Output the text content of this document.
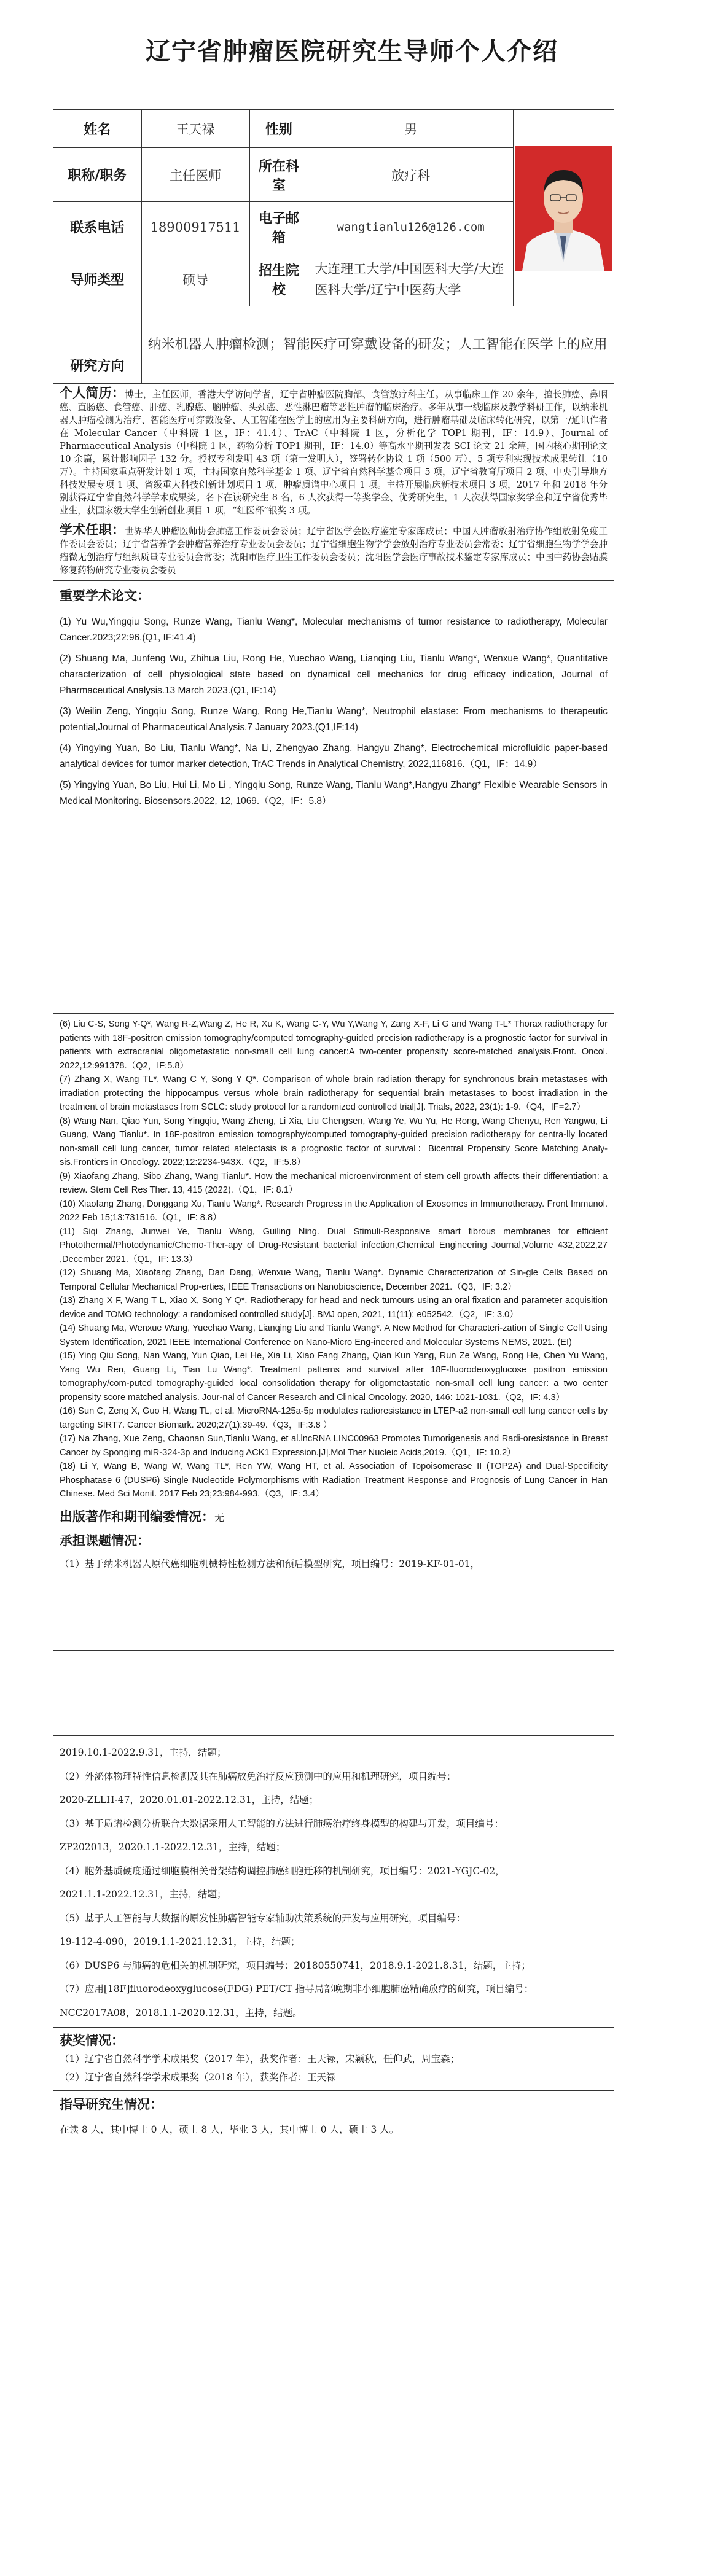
辽宁省肿瘤医院研究生导师个人介绍
姓名	王天禄	性别	男	

职称/职务	主任医师	所在科室	放疗科	
联系电话	18900917511	电子邮箱	wangtianlu126@126.com	
导师类型	硕导	招生院校	大连理工大学/中国医科大学/大连医科大学/辽宁中医药大学	
研究方向	纳米机器人肿瘤检测；智能医疗可穿戴设备的研发；人工智能在医学上的应用			
个人简历：博士，主任医师，香港大学访问学者，辽宁省肿瘤医院胸部、食管放疗科主任。从事临床工作 20 余年，擅长肺癌、鼻咽癌、直肠癌、食管癌、肝癌、乳腺癌、脑肿瘤、头颈癌、恶性淋巴瘤等恶性肿瘤的临床治疗。多年从事一线临床及教学科研工作，以纳米机器人肿瘤检测为治疗、智能医疗可穿戴设备、人工智能在医学上的应用为主要科研方向，进行肿瘤基础及临床转化研究，以第一/通讯作者在 Molecular Cancer（中科院 1 区，IF：41.4）、TrAC（中科院 1 区，分析化学 TOP1 期刊，IF：14.9）、Journal of Pharmaceutical Analysis（中科院 1 区，药物分析 TOP1 期刊，IF：14.0）等高水平期刊发表 SCI 论文 21 余篇，国内核心期刊论文 10 余篇，累计影响因子 132 分。授权专利发明 43 项（第一发明人），签署转化协议 1 项（500 万）、5 项专利实现技术成果转让（10 万）。主持国家重点研发计划 1 项，主持国家自然科学基金 1 项、辽宁省自然科学基金项目 5 项，辽宁省教育厅项目 2 项、中央引导地方科技发展专项 1 项、省级重大科技创新计划项目 1 项，肿瘤质谱中心项目 1 项。主持开展临床新技术项目 3 项，2017 年和 2018 年分别获得辽宁省自然科学学术成果奖。名下在读研究生 8 名，6 人次获得一等奖学金、优秀研究生，1 人次获得国家奖学金和辽宁省优秀毕业生，获国家级大学生创新创业项目 1 项，“红医杯”银奖 3 项。
学术任职：世界华人肿瘤医师协会肺癌工作委员会委员；辽宁省医学会医疗鉴定专家库成员；中国人肿瘤放射治疗协作组放射免疫工作委员会委员；辽宁省营养学会肿瘤营养治疗专业委员会委员；辽宁省细胞生物学学会放射治疗专业委员会常委；辽宁省细胞生物学学会肿瘤微无创治疗与组织质量专业委员会常委；沈阳市医疗卫生工作委员会委员；沈阳医学会医疗事故技术鉴定专家库成员；中国中药协会贴膜修复药物研究专业委员会委员
重要学术论文：

(1) Yu Wu,Yingqiu Song, Runze Wang, Tianlu Wang*, Molecular mechanisms of tumor resistance to radiotherapy, Molecular Cancer.2023;22:96.(Q1, IF:41.4)

(2) Shuang Ma, Junfeng Wu, Zhihua Liu, Rong He, Yuechao Wang, Lianqing Liu, Tianlu Wang*, Wenxue Wang*, Quantitative characterization of cell physiological state based on dynamical cell mechanics for drug efficacy indication, Journal of Pharmaceutical Analysis.13 March 2023.(Q1, IF:14)

(3) Weilin Zeng, Yingqiu Song, Runze Wang, Rong He,Tianlu Wang*, Neutrophil elastase: From mechanisms to therapeutic potential,Journal of Pharmaceutical Analysis.7 January 2023.(Q1,IF:14)

(4) Yingying Yuan, Bo Liu, Tianlu Wang*, Na Li, Zhengyao Zhang, Hangyu Zhang*, Electrochemical microfluidic paper-based analytical devices for tumor marker detection, TrAC Trends in Analytical Chemistry, 2022,116816.（Q1，IF：14.9）

(5) Yingying Yuan, Bo Liu, Hui Li, Mo Li , Yingqiu Song, Runze Wang, Tianlu Wang*,Hangyu Zhang* Flexible Wearable Sensors in Medical Monitoring. Biosensors.2022, 12, 1069.（Q2，IF：5.8）

(6) Liu C-S, Song Y-Q*, Wang R-Z,Wang Z, He R, Xu K, Wang C-Y, Wu Y,Wang Y, Zang X-F, Li G and Wang T-L* Thorax radiotherapy for patients with 18F-positron emission tomography/computed tomography-guided precision radiotherapy is a prognostic factor for survival in patients with extracranial oligometastatic non-small cell lung cancer:A two-center propensity score-matched analysis.Front. Oncol. 2022,12:991378.（Q2，IF:5.8）

(7) Zhang X, Wang TL*, Wang C Y, Song Y Q*. Comparison of whole brain radiation therapy for synchronous brain metastases with irradiation protecting the hippocampus versus whole brain radiotherapy for sequential brain metastases to boost irradiation in the treatment of brain metastases from SCLC: study protocol for a randomized controlled trial[J]. Trials, 2022, 23(1): 1-9.（Q4，IF=2.7）

(8) Wang Nan, Qiao Yun, Song Yingqiu, Wang Zheng, Li Xia, Liu Chengsen, Wang Ye, Wu Yu, He Rong, Wang Chenyu, Ren Yangwu, Li Guang, Wang Tianlu*. In 18F-positron emission tomography/computed tomography-guided precision radiotherapy for centra-lly located non-small cell lung cancer, tumor related atelectasis is a prognostic factor of survival：Bicentral Propensity Score Matching Analy-sis.Frontiers in Oncology. 2022;12:2234-943X.（Q2，IF:5.8）

(9) Xiaofang Zhang, Sibo Zhang, Wang Tianlu*. How the mechanical microenvironment of stem cell growth affects their differentiation: a review. Stem Cell Res Ther. 13, 415 (2022).（Q1，IF: 8.1）

(10) Xiaofang Zhang, Donggang Xu, Tianlu Wang*. Research Progress in the Application of Exosomes in Immunotherapy. Front Immunol. 2022 Feb 15;13:731516.（Q1，IF: 8.8）

(11) Siqi Zhang, Junwei Ye, Tianlu Wang, Guiling Ning. Dual Stimuli-Responsive smart fibrous membranes for efficient Photothermal/Photodynamic/Chemo-Ther-apy of Drug-Resistant bacterial infection,Chemical Engineering Journal,Volume 432,2022,27 ,December 2021.（Q1，IF: 13.3）

(12) Shuang Ma, Xiaofang Zhang, Dan Dang, Wenxue Wang, Tianlu Wang*. Dynamic Characterization of Sin-gle Cells Based on Temporal Cellular Mechanical Prop-erties, IEEE Transactions on Nanobioscience, December 2021.（Q3，IF: 3.2）

(13) Zhang X F, Wang T L, Xiao X, Song Y Q*. Radiotherapy for head and neck tumours using an oral fixation and parameter acquisition device and TOMO technology: a randomised controlled study[J]. BMJ open, 2021, 11(11): e052542.（Q2，IF: 3.0）

(14) Shuang Ma, Wenxue Wang, Yuechao Wang, Lianqing Liu and Tianlu Wang*. A New Method for Characteri-zation of Single Cell Using System Identification, 2021 IEEE International Conference on Nano-Micro Eng-ineered and Molecular Systems NEMS, 2021. (EI)

(15) Ying Qiu Song, Nan Wang, Yun Qiao, Lei He, Xia Li, Xiao Fang Zhang, Qian Kun Yang, Run Ze Wang, Rong He, Chen Yu Wang, Yang Wu Ren, Guang Li, Tian Lu Wang*. Treatment patterns and survival after 18F-fluorodeoxyglucose positron emission tomography/com-puted tomography-guided local consolidation therapy for oligometastatic non-small cell lung cancer: a two center propensity score matched analysis. Jour-nal of Cancer Research and Clinical Oncology. 2020, 146: 1021-1031.（Q2，IF: 4.3）

(16) Sun C, Zeng X, Guo H, Wang TL, et al. MicroRNA-125a-5p modulates radioresistance in LTEP-a2 non-small cell lung cancer cells by targeting SIRT7. Cancer Biomark. 2020;27(1):39-49.（Q3，IF:3.8 ）

(17) Na Zhang, Xue Zeng, Chaonan Sun,Tianlu Wang, et al.lncRNA LINC00963 Promotes Tumorigenesis and Radi-oresistance in Breast Cancer by Sponging miR-324-3p and Inducing ACK1 Expression.[J].Mol Ther Nucleic Acids,2019.（Q1，IF: 10.2）

(18) Li Y, Wang B, Wang W, Wang TL*, Ren YW, Wang HT, et al. Association of Topoisomerase II (TOP2A) and Dual-Specificity Phosphatase 6 (DUSP6) Single Nucleotide Polymorphisms with Radiation Treatment Response and Prognosis of Lung Cancer in Han Chinese. Med Sci Monit. 2017 Feb 23;23:984-993.（Q3，IF: 3.4）

出版著作和期刊编委情况：无
承担课题情况：
（1）基于纳米机器人原代癌细胞机械特性检测方法和预后模型研究，项目编号：2019-KF-01-01，
2019.10.1-2022.9.31，主持，结题；
（2）外泌体物理特性信息检测及其在肺癌放免治疗反应预测中的应用和机理研究，项目编号：
2020-ZLLH-47，2020.01.01-2022.12.31，主持，结题；
（3）基于质谱检测分析联合大数据采用人工智能的方法进行肺癌治疗终身模型的构建与开发，项目编号：
ZP202013，2020.1.1-2022.12.31，主持，结题；
（4）胞外基质硬度通过细胞膜相关骨架结构调控肺癌细胞迁移的机制研究，项目编号：2021-YGJC-02，
2021.1.1-2022.12.31，主持，结题；
（5）基于人工智能与大数据的原发性肺癌智能专家辅助决策系统的开发与应用研究，项目编号：
19-112-4-090，2019.1.1-2021.12.31，主持，结题；
（6）DUSP6 与肺癌的危相关的机制研究，项目编号：20180550741，2018.9.1-2021.8.31，结题，主持；
（7）应用[18F]fluorodeoxyglucose(FDG) PET/CT 指导局部晚期非小细胞肺癌精确放疗的研究，项目编号：
NCC2017A08，2018.1.1-2020.12.31，主持，结题。
获奖情况：
（1）辽宁省自然科学学术成果奖（2017 年），获奖作者：王天禄，宋颖秋，任仰武，周宝森；
（2）辽宁省自然科学学术成果奖（2018 年），获奖作者：王天禄
指导研究生情况：
在读 8 人，其中博士 0 人，硕士 8 人，毕业 3 人，其中博士 0 人，硕士 3 人。
